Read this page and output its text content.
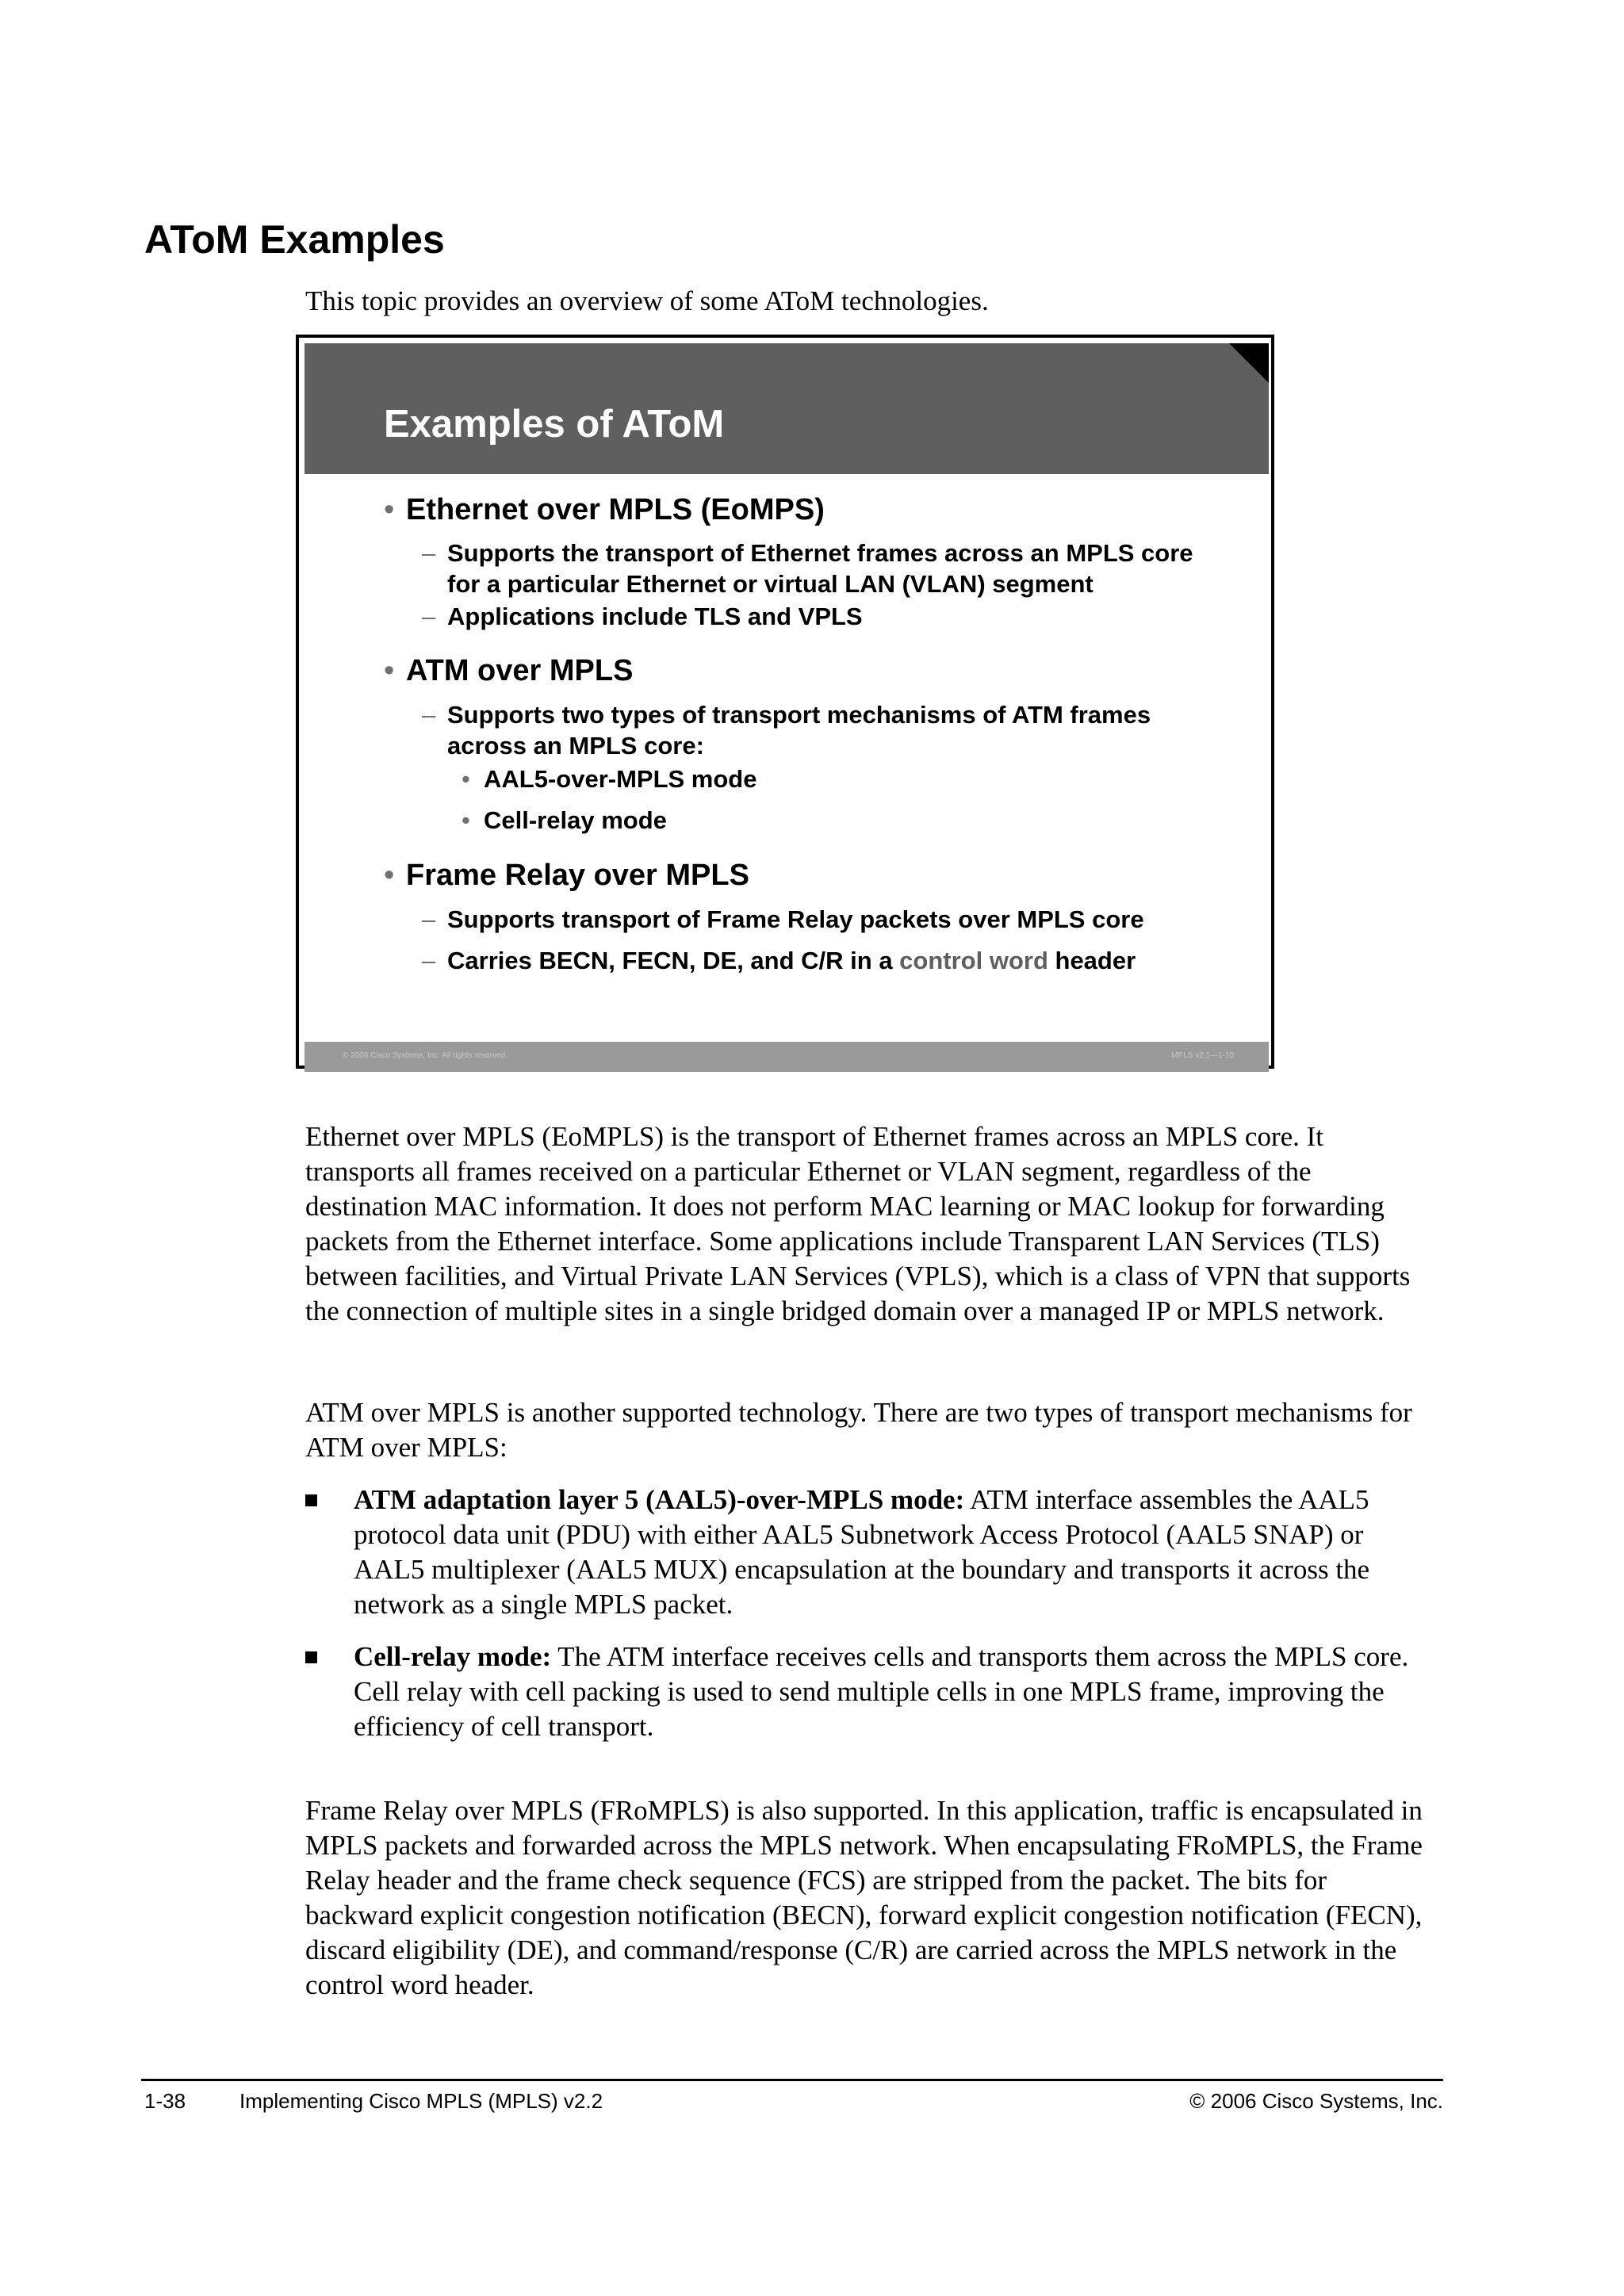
AToM Examples

This topic provides an overview of some AToM technologies.

Examples of AToM
• Ethernet over MPLS (EoMPS)
– Supports the transport of Ethernet frames across an MPLS core for a particular Ethernet or virtual LAN (VLAN) segment
– Applications include TLS and VPLS
• ATM over MPLS
– Supports two types of transport mechanisms of ATM frames across an MPLS core:
• AAL5-over-MPLS mode
• Cell-relay mode
• Frame Relay over MPLS
– Supports transport of Frame Relay packets over MPLS core
– Carries BECN, FECN, DE, and C/R in a control word header
© 2006 Cisco Systems, Inc. All rights reserved.	MPLS v2.1—1-10

Ethernet over MPLS (EoMPLS) is the transport of Ethernet frames across an MPLS core. It transports all frames received on a particular Ethernet or VLAN segment, regardless of the destination MAC information. It does not perform MAC learning or MAC lookup for forwarding packets from the Ethernet interface. Some applications include Transparent LAN Services (TLS) between facilities, and Virtual Private LAN Services (VPLS), which is a class of VPN that supports the connection of multiple sites in a single bridged domain over a managed IP or MPLS network.

ATM over MPLS is another supported technology. There are two types of transport mechanisms for ATM over MPLS:

ATM adaptation layer 5 (AAL5)-over-MPLS mode: ATM interface assembles the AAL5 protocol data unit (PDU) with either AAL5 Subnetwork Access Protocol (AAL5 SNAP) or AAL5 multiplexer (AAL5 MUX) encapsulation at the boundary and transports it across the network as a single MPLS packet.
Cell-relay mode: The ATM interface receives cells and transports them across the MPLS core. Cell relay with cell packing is used to send multiple cells in one MPLS frame, improving the efficiency of cell transport.

Frame Relay over MPLS (FRoMPLS) is also supported. In this application, traffic is encapsulated in MPLS packets and forwarded across the MPLS network. When encapsulating FRoMPLS, the Frame Relay header and the frame check sequence (FCS) are stripped from the packet. The bits for backward explicit congestion notification (BECN), forward explicit congestion notification (FECN), discard eligibility (DE), and command/response (C/R) are carried across the MPLS network in the control word header.

1-38	Implementing Cisco MPLS (MPLS) v2.2	© 2006 Cisco Systems, Inc.
